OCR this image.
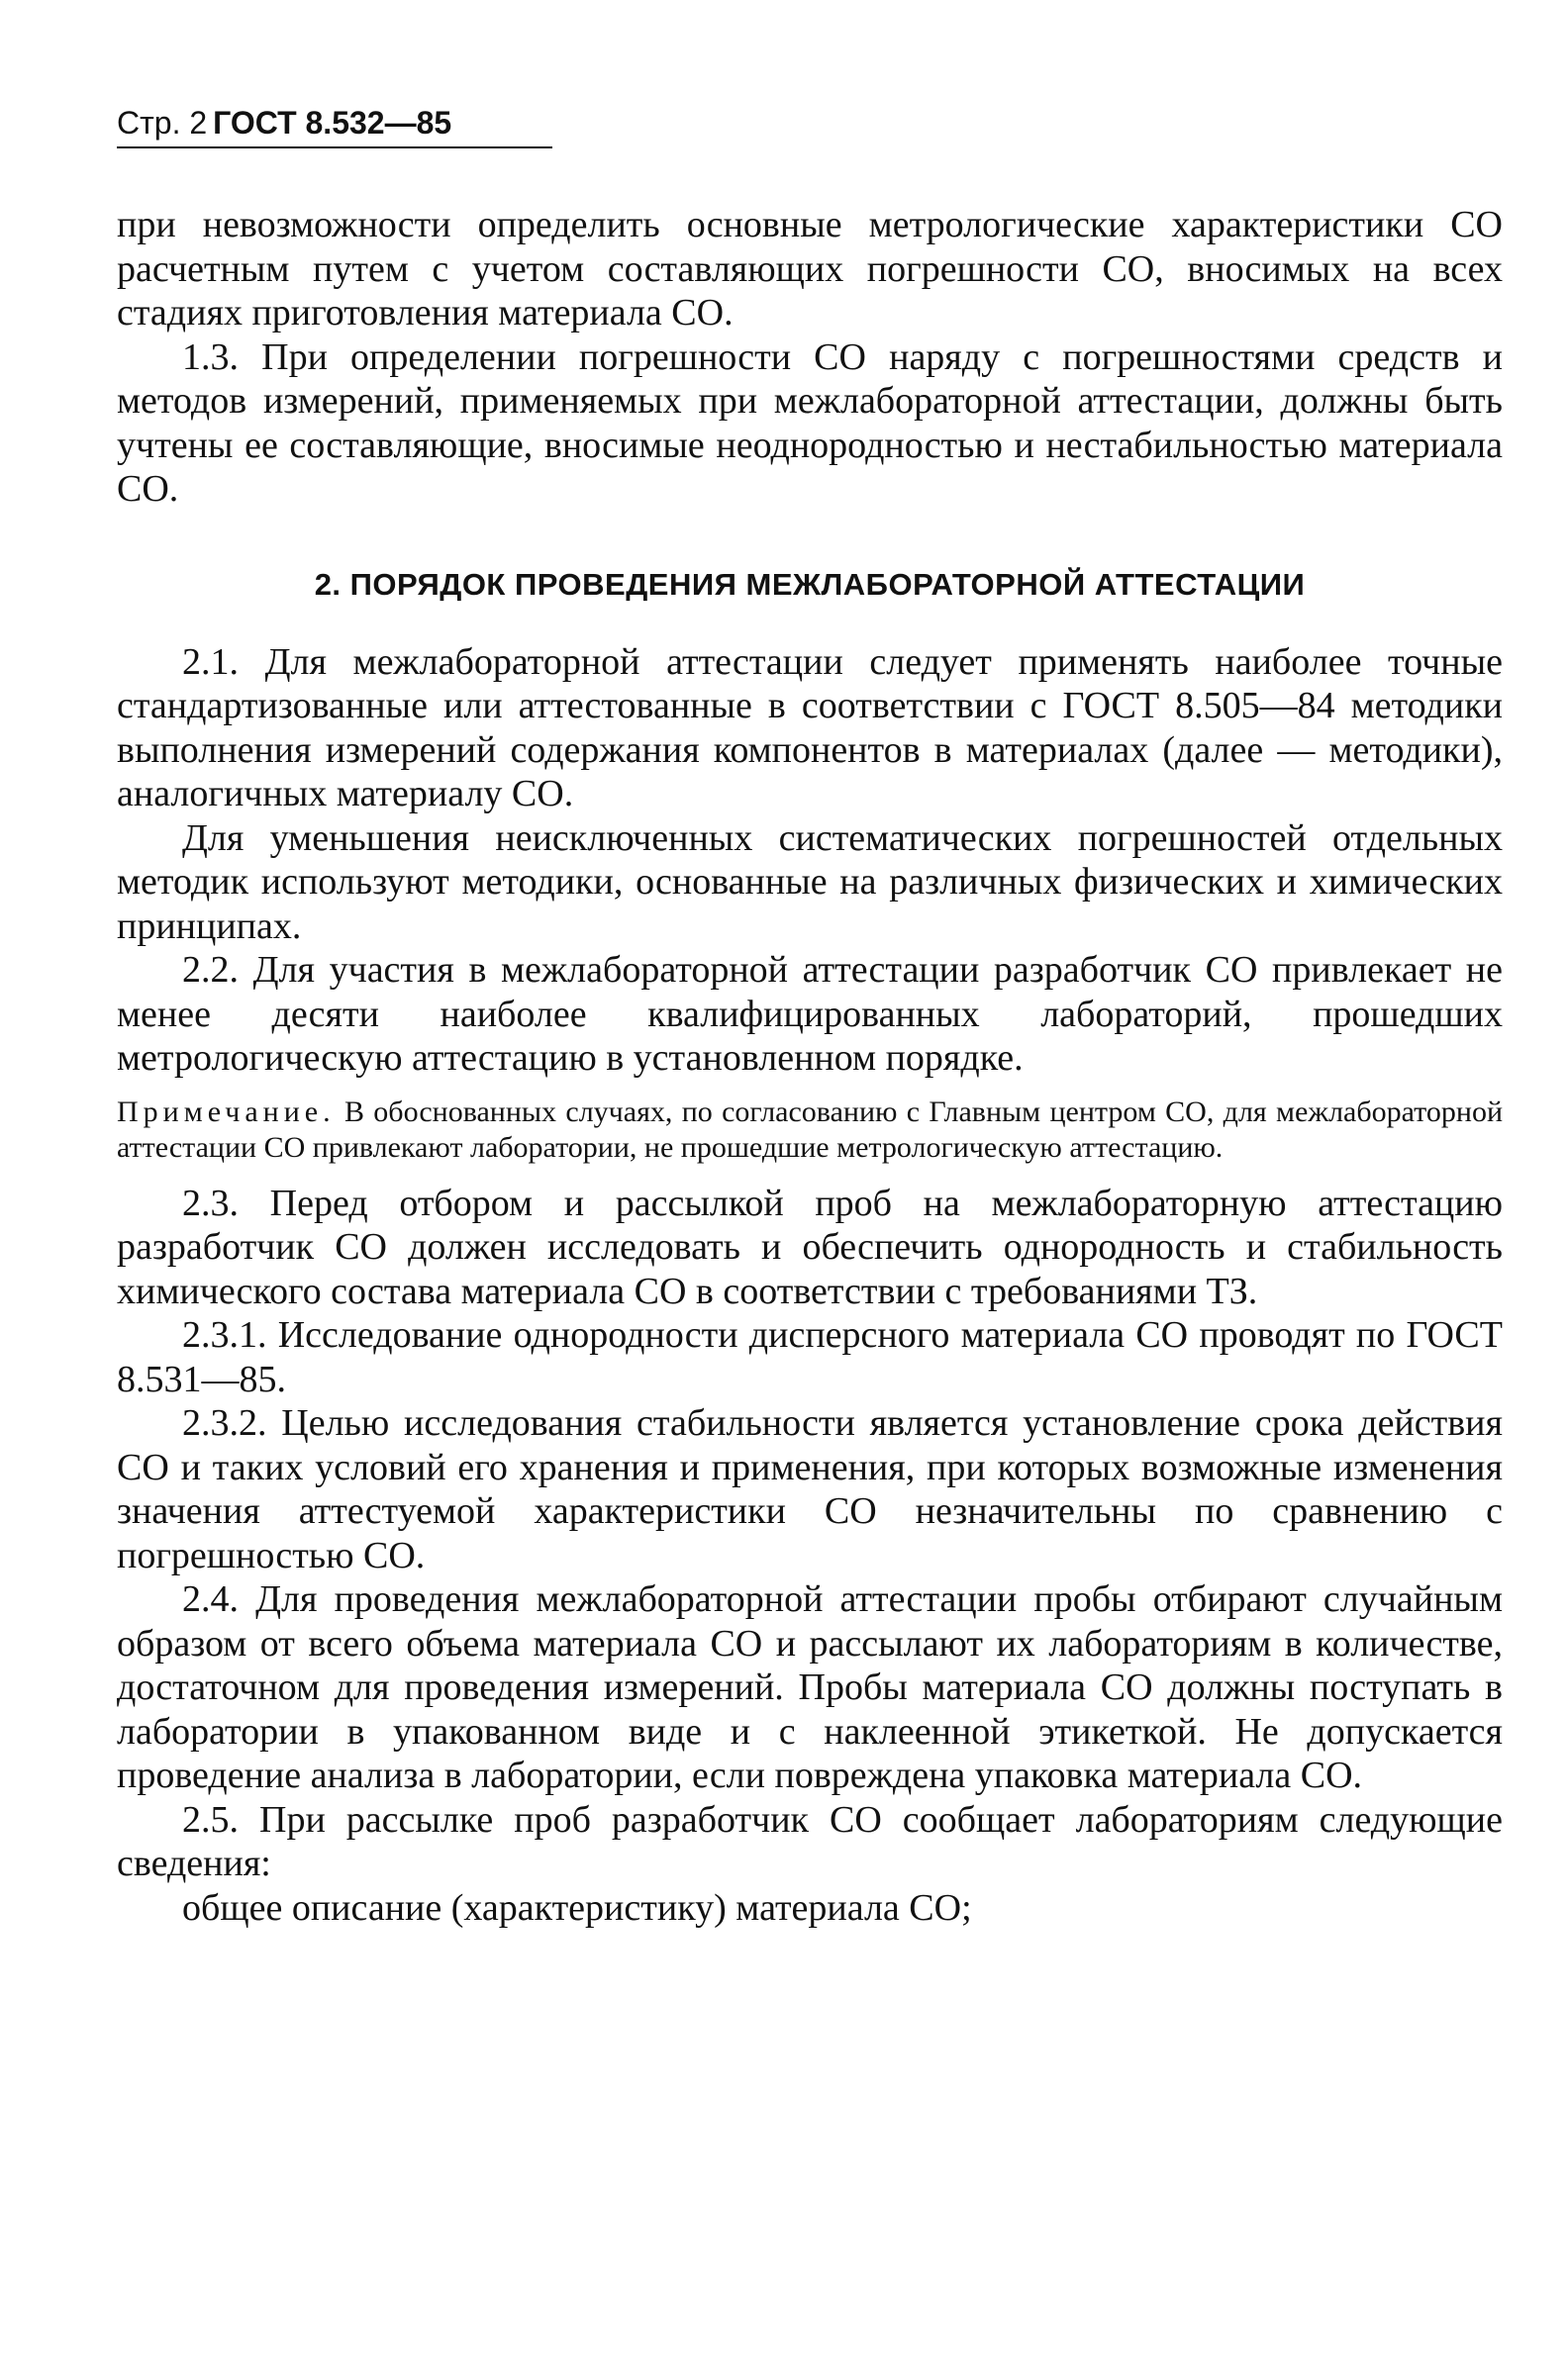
Стр. 2 ГОСТ 8.532—85

при невозможности определить основные метрологические характеристики СО расчетным путем с учетом составляющих погрешности СО, вносимых на всех стадиях приготовления материала СО.

1.3. При определении погрешности СО наряду с погрешностями средств и методов измерений, применяемых при межлабораторной аттестации, должны быть учтены ее составляющие, вносимые неоднородностью и нестабильностью материала СО.

2. ПОРЯДОК ПРОВЕДЕНИЯ МЕЖЛАБОРАТОРНОЙ АТТЕСТАЦИИ

2.1. Для межлабораторной аттестации следует применять наиболее точные стандартизованные или аттестованные в соответствии с ГОСТ 8.505—84 методики выполнения измерений содержания компонентов в материалах (далее — методики), аналогичных материалу СО.

Для уменьшения неисключенных систематических погрешностей отдельных методик используют методики, основанные на различных физических и химических принципах.

2.2. Для участия в межлабораторной аттестации разработчик СО привлекает не менее десяти наиболее квалифицированных лабораторий, прошедших метрологическую аттестацию в установленном порядке.

Примечание. В обоснованных случаях, по согласованию с Главным центром СО, для межлабораторной аттестации СО привлекают лаборатории, не прошедшие метрологическую аттестацию.

2.3. Перед отбором и рассылкой проб на межлабораторную аттестацию разработчик СО должен исследовать и обеспечить однородность и стабильность химического состава материала СО в соответствии с требованиями ТЗ.

2.3.1. Исследование однородности дисперсного материала СО проводят по ГОСТ 8.531—85.

2.3.2. Целью исследования стабильности является установление срока действия СО и таких условий его хранения и применения, при которых возможные изменения значения аттестуемой характеристики СО незначительны по сравнению с погрешностью СО.

2.4. Для проведения межлабораторной аттестации пробы отбирают случайным образом от всего объема материала СО и рассылают их лабораториям в количестве, достаточном для проведения измерений. Пробы материала СО должны поступать в лаборатории в упакованном виде и с наклеенной этикеткой. Не допускается проведение анализа в лаборатории, если повреждена упаковка материала СО.

2.5. При рассылке проб разработчик СО сообщает лабораториям следующие сведения:

общее описание (характеристику) материала СО;
